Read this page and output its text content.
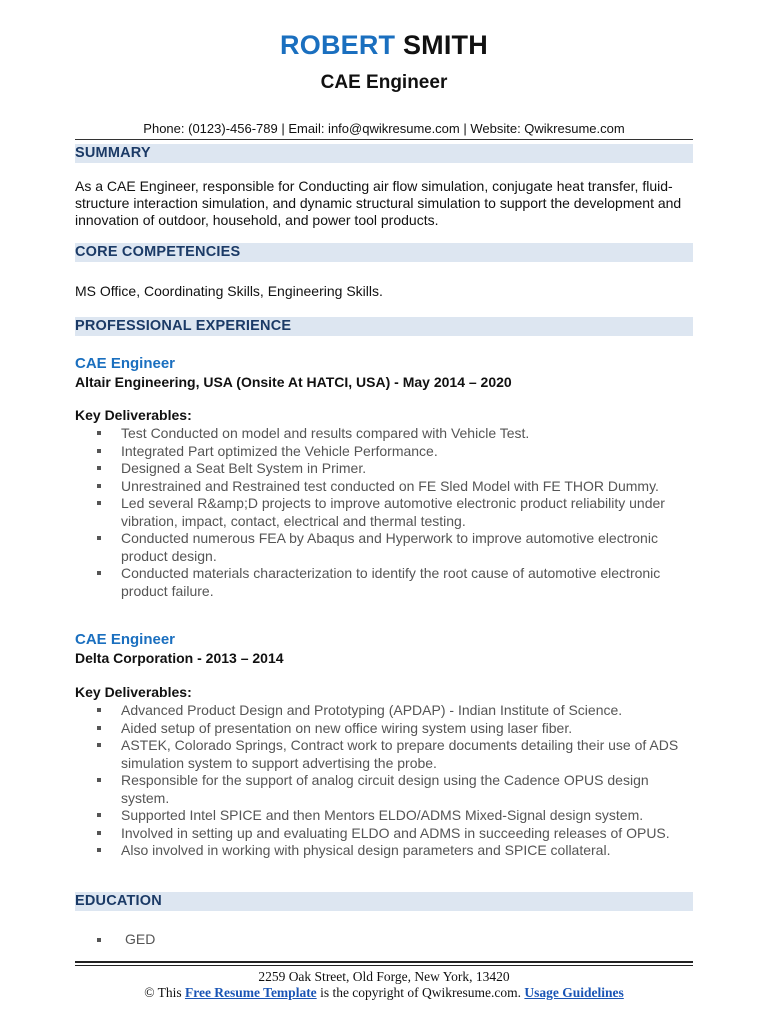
ROBERT SMITH
CAE Engineer
Phone: (0123)-456-789 | Email: info@qwikresume.com | Website: Qwikresume.com
SUMMARY
As a CAE Engineer, responsible for Conducting air flow simulation, conjugate heat transfer, fluid-structure interaction simulation, and dynamic structural simulation to support the development and innovation of outdoor, household, and power tool products.
CORE COMPETENCIES
MS Office, Coordinating Skills, Engineering Skills.
PROFESSIONAL EXPERIENCE
CAE Engineer
Altair Engineering, USA (Onsite At HATCI, USA) - May 2014 – 2020
Key Deliverables:
Test Conducted on model and results compared with Vehicle Test.
Integrated Part optimized the Vehicle Performance.
Designed a Seat Belt System in Primer.
Unrestrained and Restrained test conducted on FE Sled Model with FE THOR Dummy.
Led several R&amp;D projects to improve automotive electronic product reliability under vibration, impact, contact, electrical and thermal testing.
Conducted numerous FEA by Abaqus and Hyperwork to improve automotive electronic product design.
Conducted materials characterization to identify the root cause of automotive electronic product failure.
CAE Engineer
Delta Corporation - 2013 – 2014
Key Deliverables:
Advanced Product Design and Prototyping (APDAP) - Indian Institute of Science.
Aided setup of presentation on new office wiring system using laser fiber.
ASTEK, Colorado Springs, Contract work to prepare documents detailing their use of ADS simulation system to support advertising the probe.
Responsible for the support of analog circuit design using the Cadence OPUS design system.
Supported Intel SPICE and then Mentors ELDO/ADMS Mixed-Signal design system.
Involved in setting up and evaluating ELDO and ADMS in succeeding releases of OPUS.
Also involved in working with physical design parameters and SPICE collateral.
EDUCATION
GED
2259 Oak Street, Old Forge, New York, 13420
© This Free Resume Template is the copyright of Qwikresume.com. Usage Guidelines
